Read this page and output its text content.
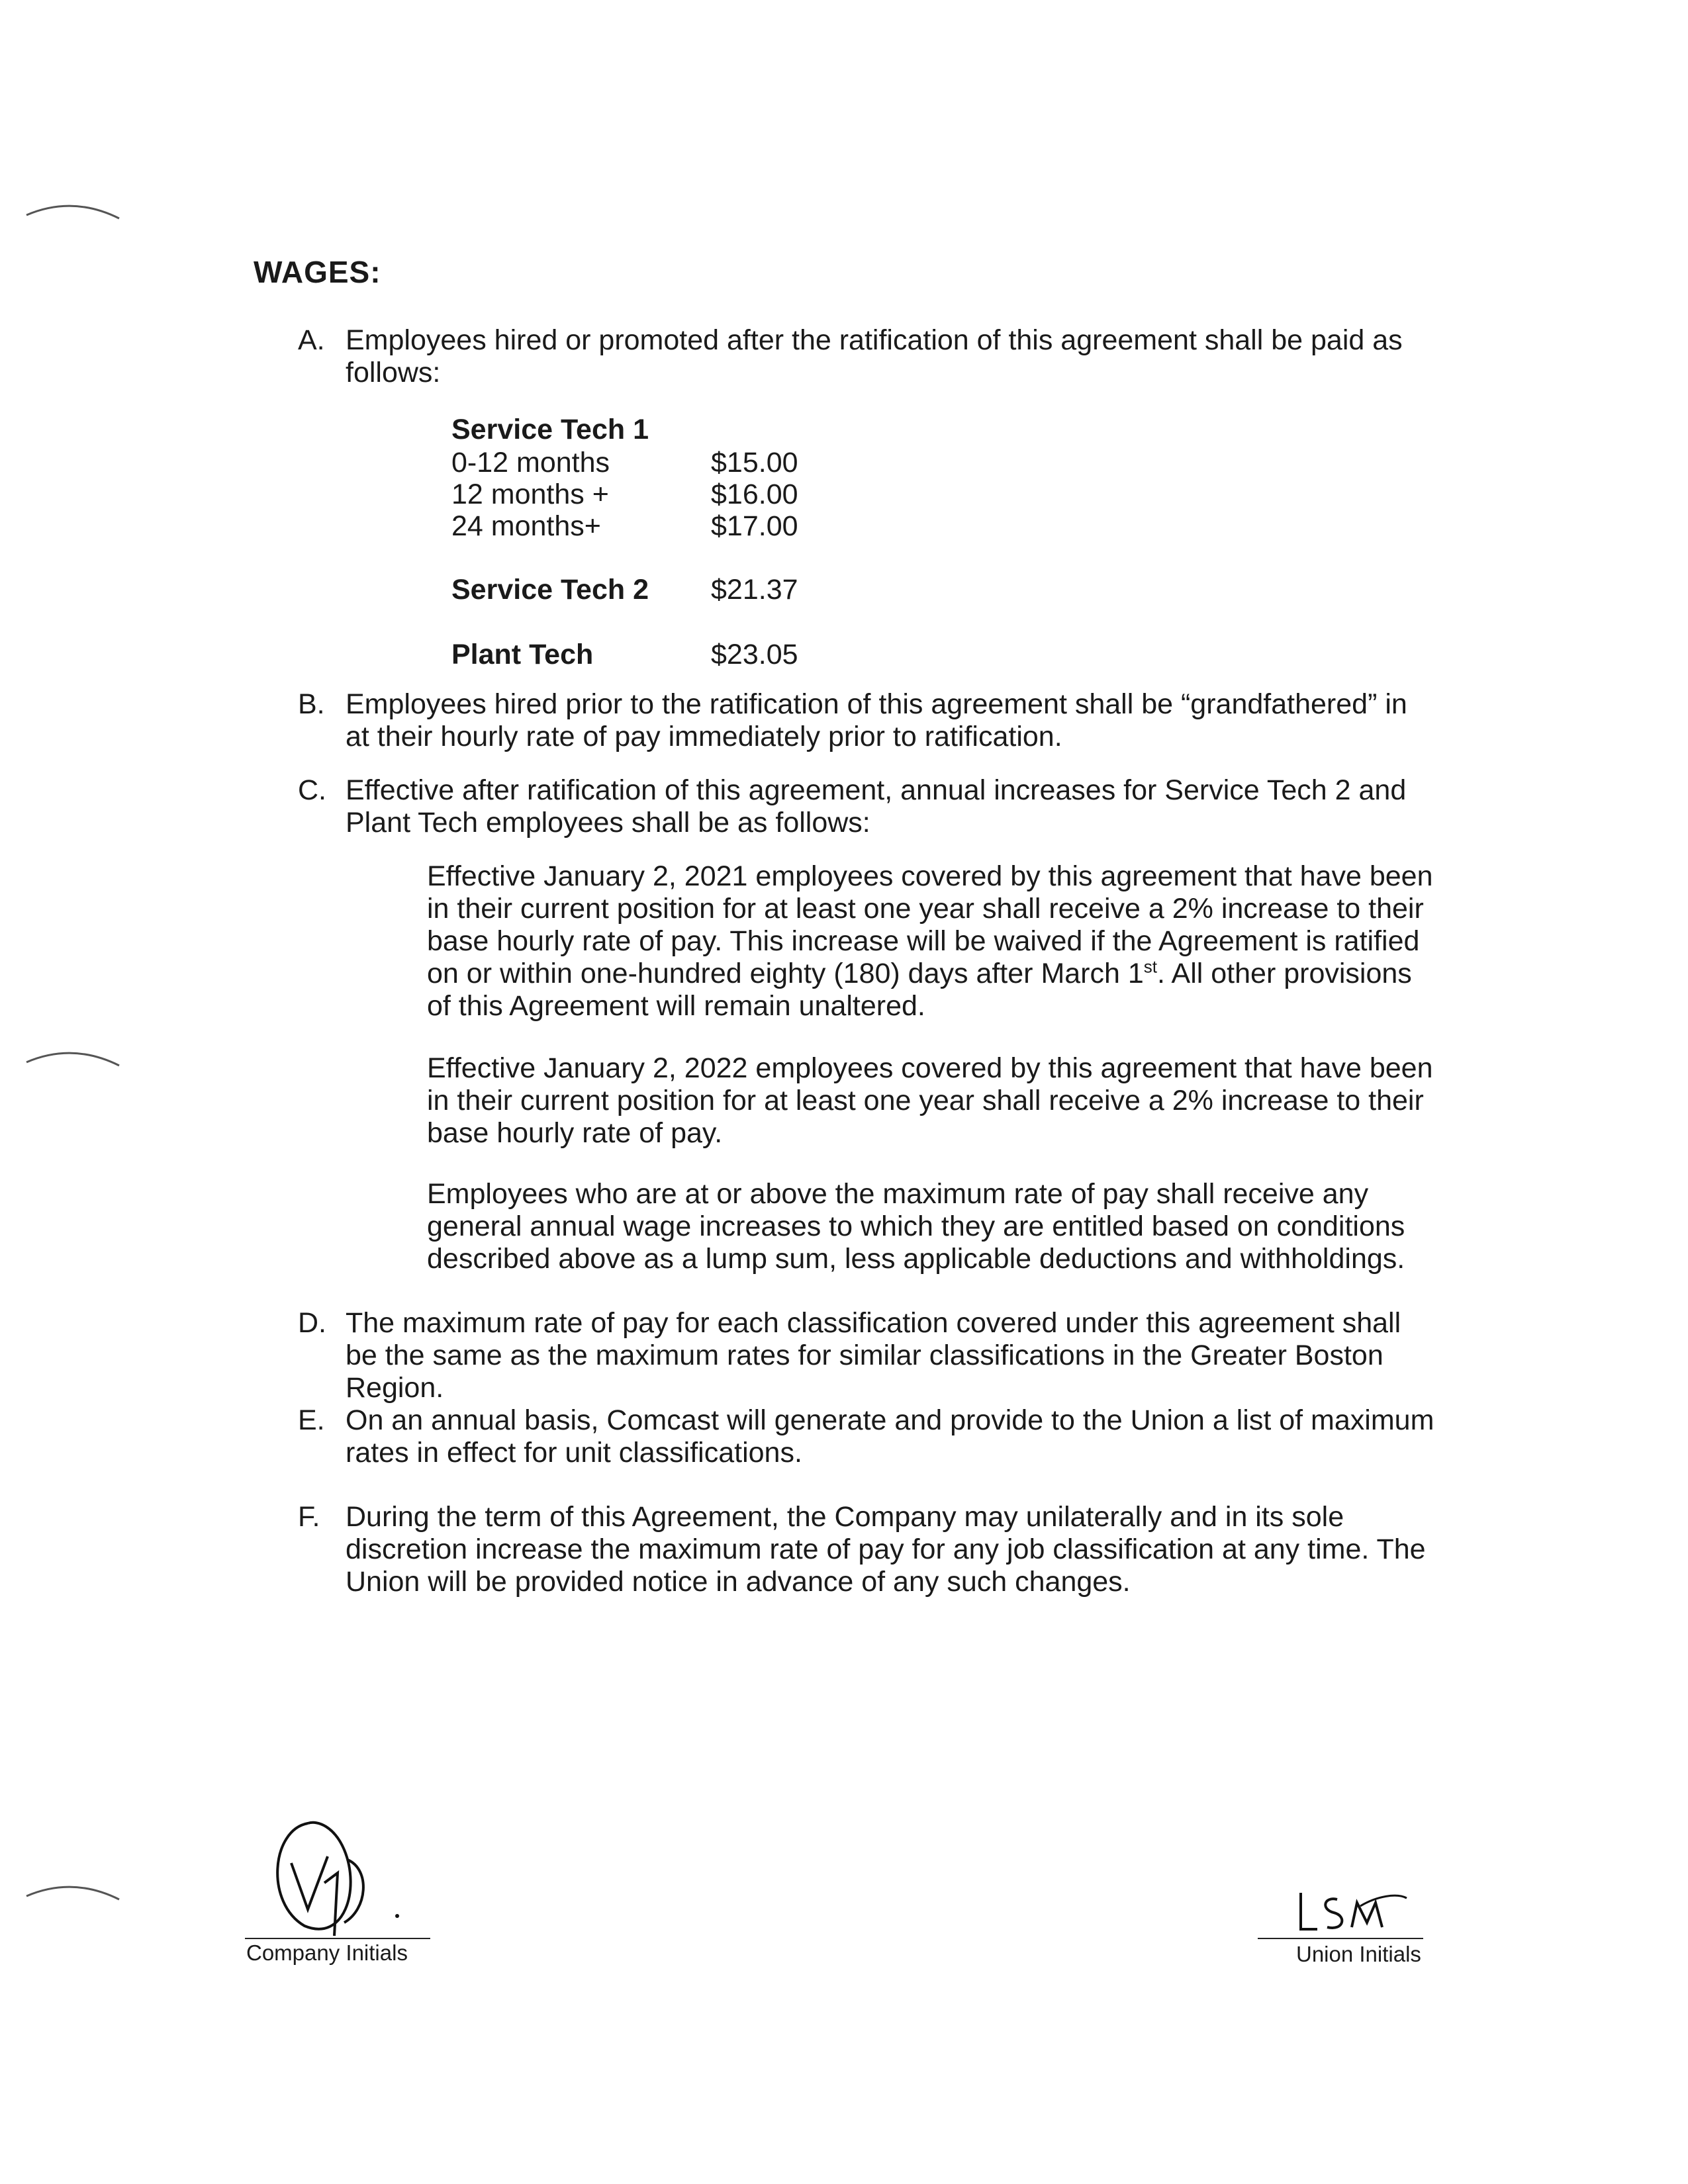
WAGES:
A. Employees hired or promoted after the ratification of this agreement shall be paid as follows:
Service Tech 1
0-12 months	$15.00
12 months +	$16.00
24 months+	$17.00
Service Tech 2 $21.37
Plant Tech	$23.05
B. Employees hired prior to the ratification of this agreement shall be “grandfathered” in at their hourly rate of pay immediately prior to ratification.
C. Effective after ratification of this agreement, annual increases for Service Tech 2 and Plant Tech employees shall be as follows:
Effective January 2, 2021 employees covered by this agreement that have been in their current position for at least one year shall receive a 2% increase to their base hourly rate of pay. This increase will be waived if the Agreement is ratified on or within one-hundred eighty (180) days after March 1st. All other provisions of this Agreement will remain unaltered.
Effective January 2, 2022 employees covered by this agreement that have been in their current position for at least one year shall receive a 2% increase to their base hourly rate of pay.
Employees who are at or above the maximum rate of pay shall receive any general annual wage increases to which they are entitled based on conditions described above as a lump sum, less applicable deductions and withholdings.
D. The maximum rate of pay for each classification covered under this agreement shall be the same as the maximum rates for similar classifications in the Greater Boston Region.
E. On an annual basis, Comcast will generate and provide to the Union a list of maximum rates in effect for unit classifications.
F. During the term of this Agreement, the Company may unilaterally and in its sole discretion increase the maximum rate of pay for any job classification at any time. The Union will be provided notice in advance of any such changes.
Company Initials	Union Initials
